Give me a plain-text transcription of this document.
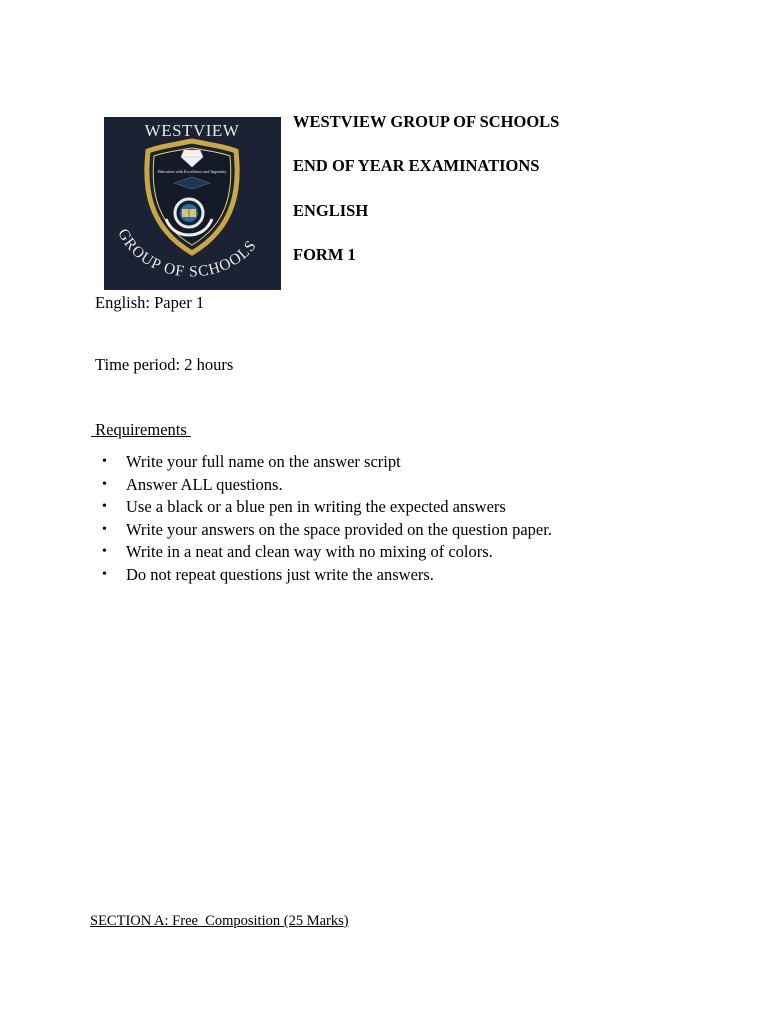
WESTVIEW
Education with Excellence and Ingenuity
GROUP OF SCHOOLS
WESTVIEW GROUP OF SCHOOLS
END OF YEAR EXAMINATIONS
ENGLISH
FORM 1
English: Paper 1
Time period: 2 hours
Requirements
• Write your full name on the answer script
• Answer ALL questions.
• Use a black or a blue pen in writing the expected answers
• Write your answers on the space provided on the question paper.
• Write in a neat and clean way with no mixing of colors.
• Do not repeat questions just write the answers.
SECTION A: Free  Composition (25 Marks)
